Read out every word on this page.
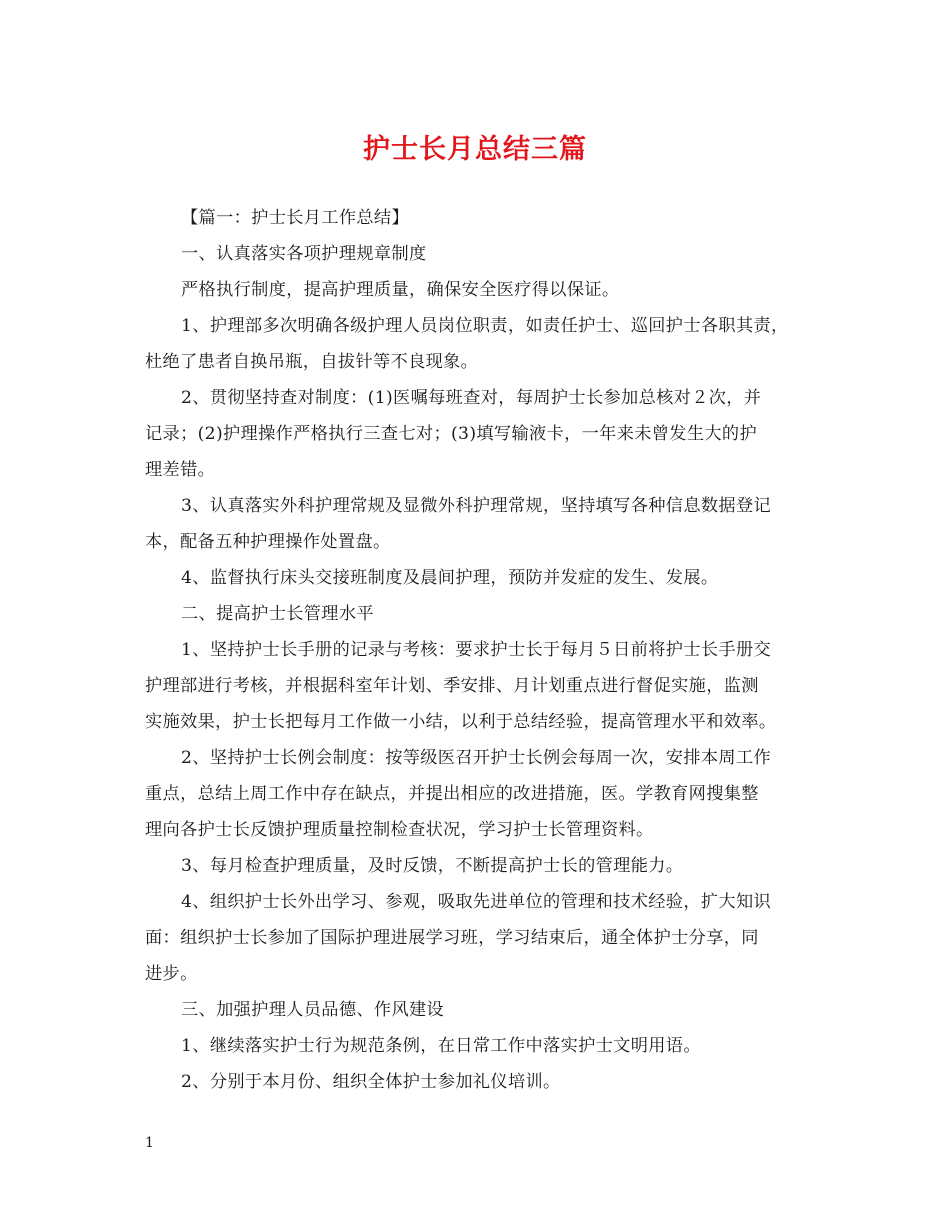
护士长月总结三篇

【篇一：护士长月工作总结】

一、认真落实各项护理规章制度

严格执行制度，提高护理质量，确保安全医疗得以保证。

1、护理部多次明确各级护理人员岗位职责，如责任护士、巡回护士各职其责，

杜绝了患者自换吊瓶，自拔针等不良现象。

2、贯彻坚持查对制度：(1)医嘱每班查对，每周护士长参加总核对２次，并

记录；(2)护理操作严格执行三查七对；(3)填写输液卡，一年来未曾发生大的护

理差错。

3、认真落实外科护理常规及显微外科护理常规，坚持填写各种信息数据登记

本，配备五种护理操作处置盘。

4、监督执行床头交接班制度及晨间护理，预防并发症的发生、发展。

二、提高护士长管理水平

1、坚持护士长手册的记录与考核：要求护士长于每月５日前将护士长手册交

护理部进行考核，并根据科室年计划、季安排、月计划重点进行督促实施，监测

实施效果，护士长把每月工作做一小结，以利于总结经验，提高管理水平和效率。

2、坚持护士长例会制度：按等级医召开护士长例会每周一次，安排本周工作

重点，总结上周工作中存在缺点，并提出相应的改进措施，医。学教育网搜集整

理向各护士长反馈护理质量控制检查状况，学习护士长管理资料。

3、每月检查护理质量，及时反馈，不断提高护士长的管理能力。

4、组织护士长外出学习、参观，吸取先进单位的管理和技术经验，扩大知识

面：组织护士长参加了国际护理进展学习班，学习结束后，通全体护士分享，同

进步。

三、加强护理人员品德、作风建设

1、继续落实护士行为规范条例，在日常工作中落实护士文明用语。

2、分别于本月份、组织全体护士参加礼仪培训。

1
